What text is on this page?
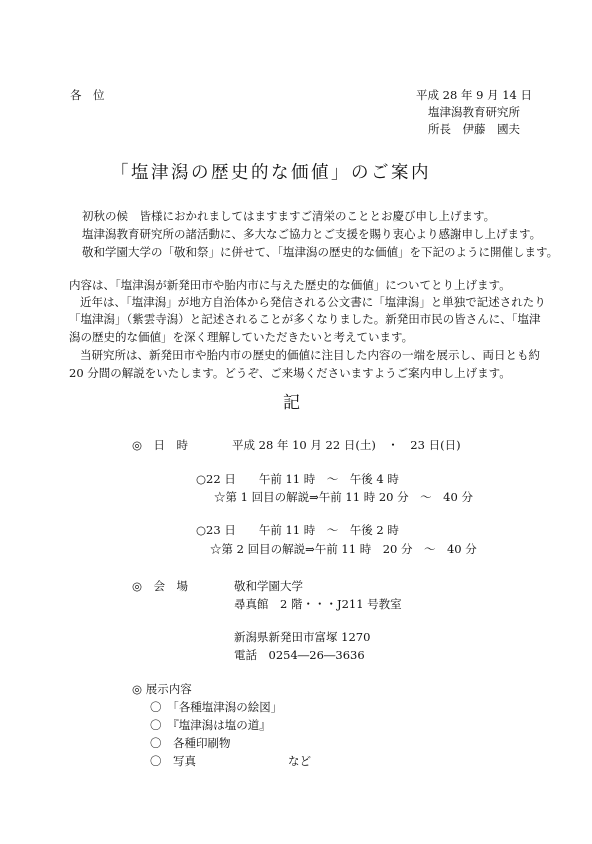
各　位	平成 28 年 9 月 14 日
塩津潟教育研究所
所長　伊藤　國夫
「塩津潟の歴史的な価値」のご案内
初秋の候　皆様におかれましてはますますご清栄のこととお慶び申し上げます。
塩津潟教育研究所の諸活動に、多大なご協力とご支援を賜り衷心より感謝申し上げます。
敬和学園大学の「敬和祭」に併せて、「塩津潟の歴史的な価値」を下記のように開催します。
内容は、「塩津潟が新発田市や胎内市に与えた歴史的な価値」についてとり上げます。
近年は、「塩津潟」が地方自治体から発信される公文書に「塩津潟」と単独で記述されたり
「塩津潟」（紫雲寺潟）と記述されることが多くなりました。新発田市民の皆さんに、「塩津
潟の歴史的な価値」を深く理解していただきたいと考えています。
当研究所は、新発田市や胎内市の歴史的価値に注目した内容の一端を展示し、両日とも約
20 分間の解説をいたします。どうぞ、ご来場くださいますようご案内申し上げます。
記
◎　日　時	平成 28 年 10 月 22 日(土)　・　23 日(日)
○22 日　　午前 11 時　～　午後 4 時
☆第 1 回目の解説⇒午前 11 時 20 分　～　40 分
○23 日　　午前 11 時　～　午後 2 時
☆第 2 回目の解説⇒午前 11 時　20 分　～　40 分
◎　会　場	敬和学園大学
尋真館　2 階・・・J211 号教室
新潟県新発田市富塚 1270
電話　0254―26―3636
◎ 展示内容
〇　「各種塩津潟の絵図」
〇　『塩津潟は塩の道』
〇　各種印刷物
〇　写真　　　　　　　　など
